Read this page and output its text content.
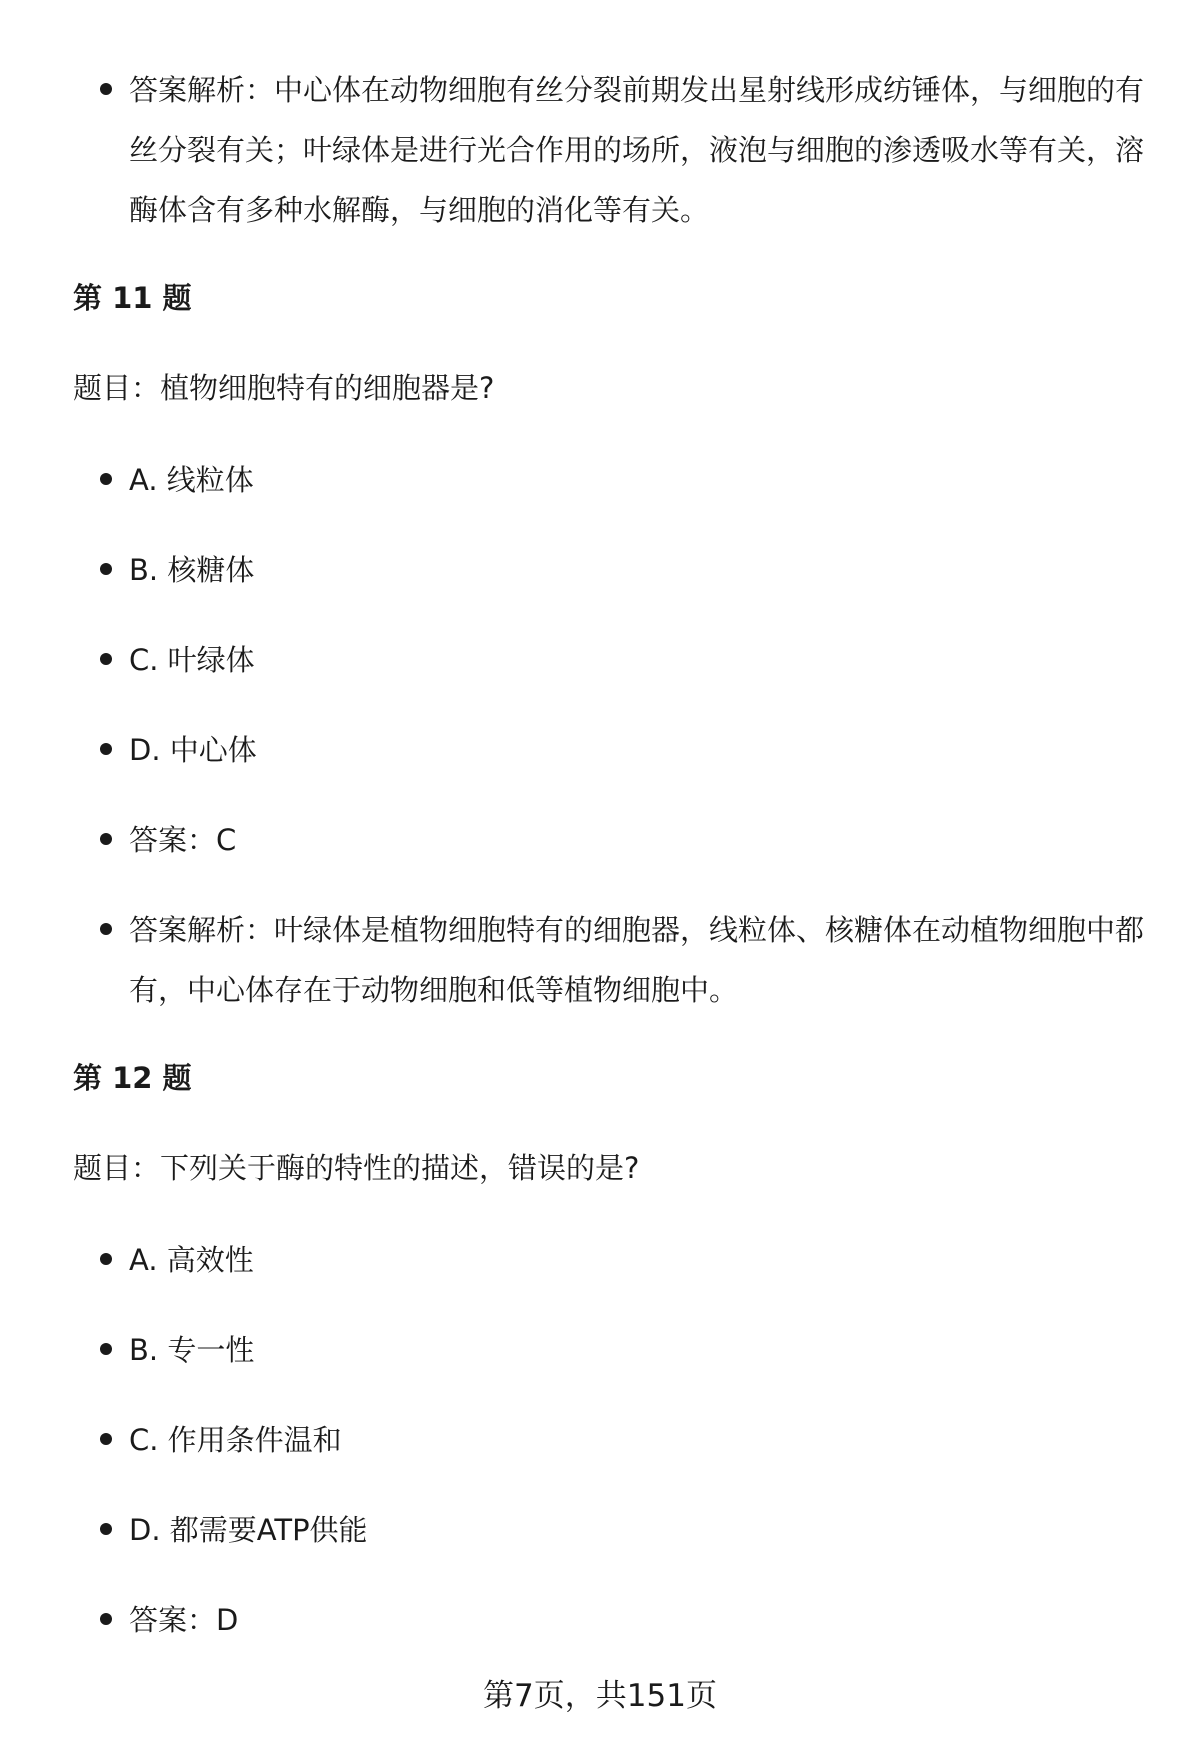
答案解析：中心体在动物细胞有丝分裂前期发出星射线形成纺锤体，与细胞的有丝分裂有关；叶绿体是进行光合作用的场所，液泡与细胞的渗透吸水等有关，溶酶体含有多种水解酶，与细胞的消化等有关。
第 11 题
题目：植物细胞特有的细胞器是?
A. 线粒体
B. 核糖体
C. 叶绿体
D. 中心体
答案：C
答案解析：叶绿体是植物细胞特有的细胞器，线粒体、核糖体在动植物细胞中都有，中心体存在于动物细胞和低等植物细胞中。
第 12 题
题目：下列关于酶的特性的描述，错误的是?
A. 高效性
B. 专一性
C. 作用条件温和
D. 都需要ATP供能
答案：D
第7页，共151页
